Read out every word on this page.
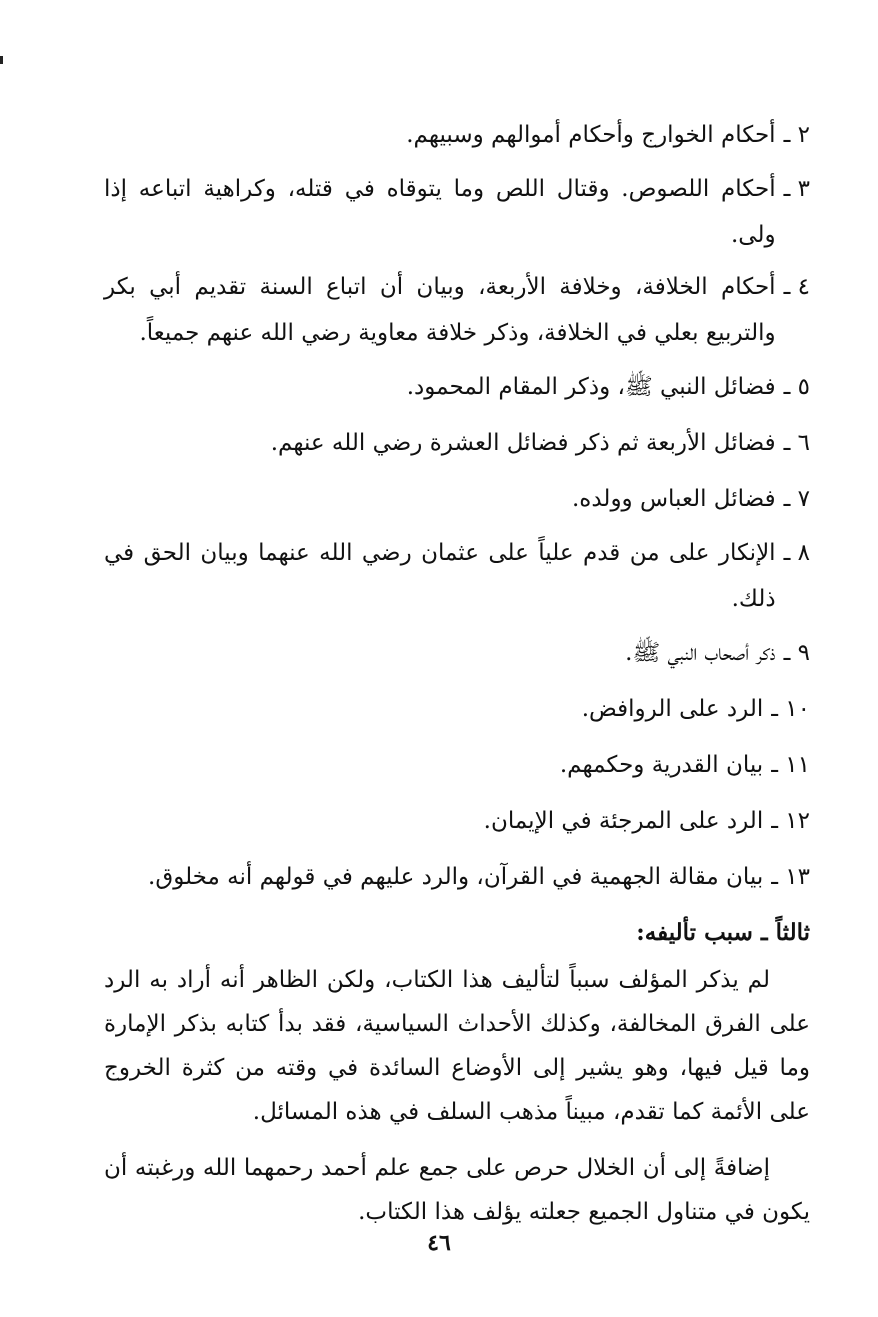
٢ ـ
أحكام الخوارج وأحكام أموالهم وسبيهم.
٣ ـ
أحكام اللصوص. وقتال اللص وما يتوقاه في قتله، وكراهية اتباعه إذا ولى.
٤ ـ
أحكام الخلافة، وخلافة الأربعة، وبيان أن اتباع السنة تقديم أبي بكر والتربيع بعلي في الخلافة، وذكر خلافة معاوية رضي الله عنهم جميعاً.
٥ ـ
فضائل النبي ﷺ، وذكر المقام المحمود.
٦ ـ
فضائل الأربعة ثم ذكر فضائل العشرة رضي الله عنهم.
٧ ـ
فضائل العباس وولده.
٨ ـ
الإنكار على من قدم علياً على عثمان رضي الله عنهما وبيان الحق في ذلك.
٩ ـ
ذكر أصحاب النبي ﷺ.
١٠ ـ
الرد على الروافض.
١١ ـ
بيان القدرية وحكمهم.
١٢ ـ
الرد على المرجئة في الإيمان.
١٣ ـ
بيان مقالة الجهمية في القرآن، والرد عليهم في قولهم أنه مخلوق.
ثالثاً ـ سبب تأليفه:

لم يذكر المؤلف سبباً لتأليف هذا الكتاب، ولكن الظاهر أنه أراد به الرد على الفرق المخالفة، وكذلك الأحداث السياسية، فقد بدأ كتابه بذكر الإمارة وما قيل فيها، وهو يشير إلى الأوضاع السائدة في وقته من كثرة الخروج على الأئمة كما تقدم، مبيناً مذهب السلف في هذه المسائل.

إضافةً إلى أن الخلال حرص على جمع علم أحمد رحمهما الله ورغبته أن يكون في متناول الجميع جعلته يؤلف هذا الكتاب.

٤٦
